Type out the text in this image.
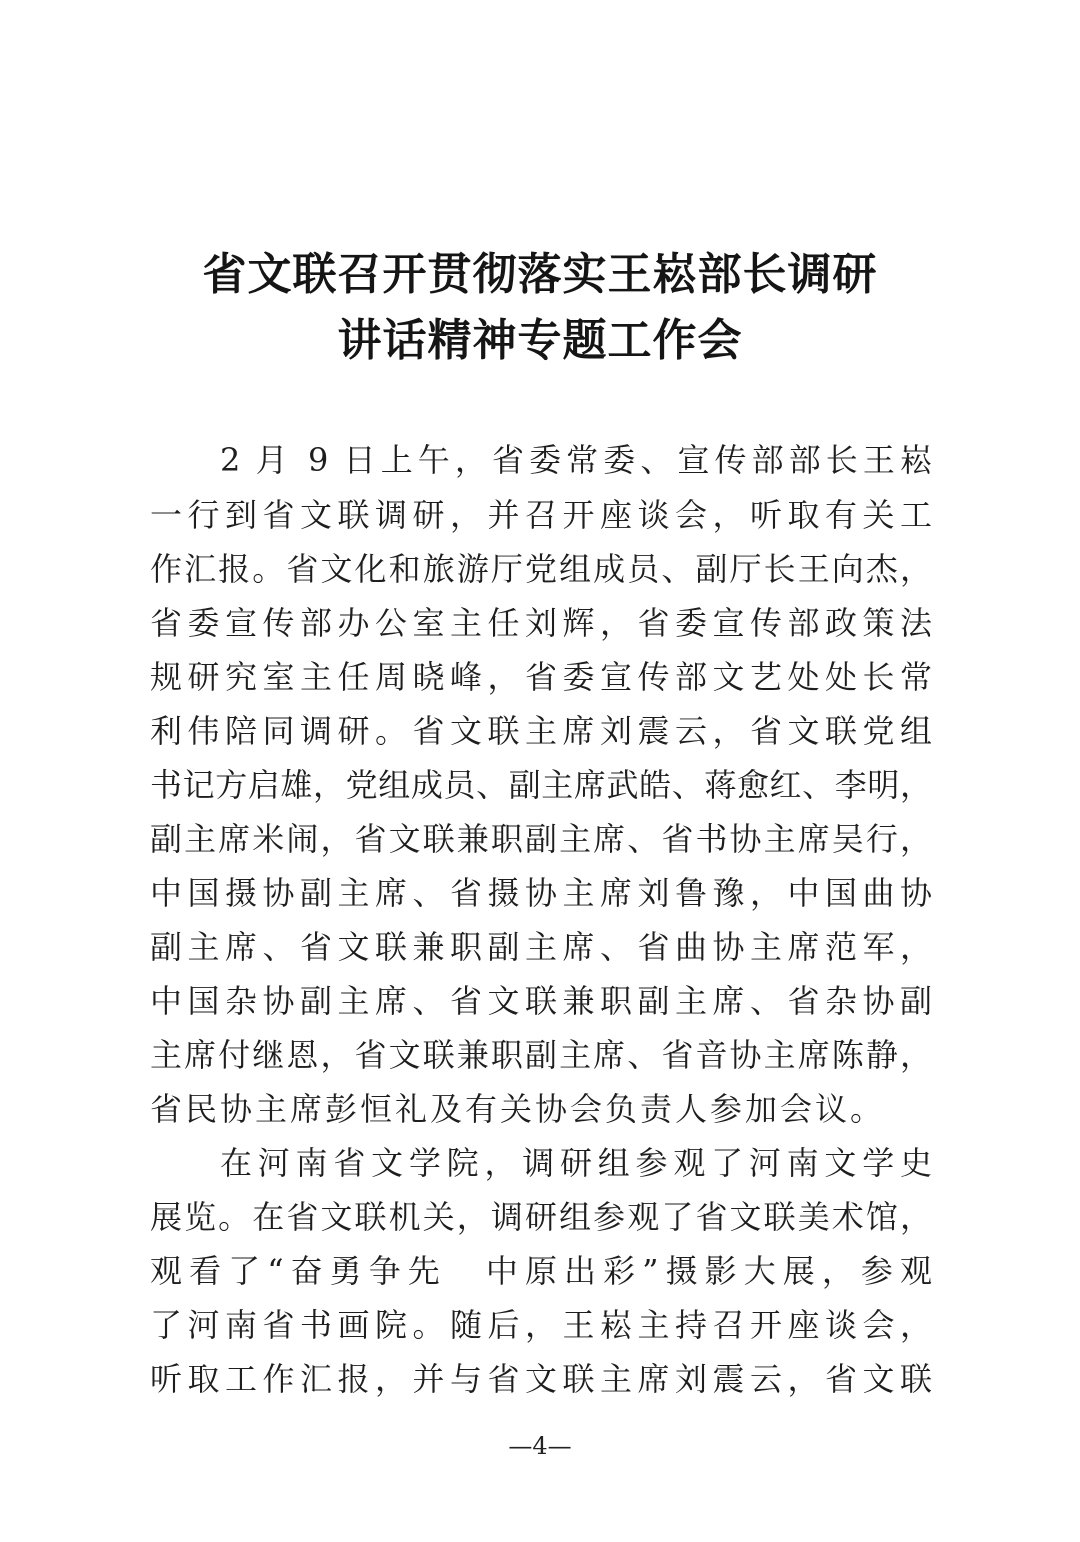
省文联召开贯彻落实王崧部长调研
讲话精神专题工作会
2 月 9 日上午，省委常委、宣传部部长王崧
一行到省文联调研，并召开座谈会，听取有关工
作汇报。省文化和旅游厅党组成员、副厅长王向杰，
省委宣传部办公室主任刘辉，省委宣传部政策法
规研究室主任周晓峰，省委宣传部文艺处处长常
利伟陪同调研。省文联主席刘震云，省文联党组
书记方启雄，党组成员、副主席武皓、蒋愈红、李明，
副主席米闹，省文联兼职副主席、省书协主席吴行，
中国摄协副主席、省摄协主席刘鲁豫，中国曲协
副主席、省文联兼职副主席、省曲协主席范军，
中国杂协副主席、省文联兼职副主席、省杂协副
主席付继恩，省文联兼职副主席、省音协主席陈静，
省民协主席彭恒礼及有关协会负责人参加会议。
在河南省文学院，调研组参观了河南文学史
展览。在省文联机关，调研组参观了省文联美术馆，
观看了“奋勇争先　中原出彩”摄影大展，参观
了河南省书画院。随后，王崧主持召开座谈会，
听取工作汇报，并与省文联主席刘震云，省文联
—4—
